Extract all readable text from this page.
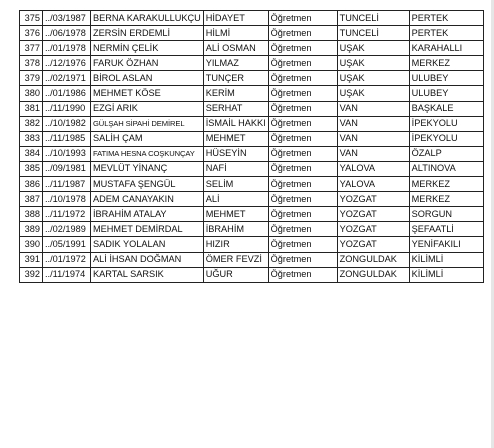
375	../03/1987	BERNA KARAKULLUKÇU	HİDAYET	Öğretmen	TUNCELİ	PERTEK
376	../06/1978	ZERSİN ERDEMLİ	HİLMİ	Öğretmen	TUNCELİ	PERTEK
377	../01/1978	NERMİN ÇELİK	ALİ OSMAN	Öğretmen	UŞAK	KARAHALLI
378	../12/1976	FARUK ÖZHAN	YILMAZ	Öğretmen	UŞAK	MERKEZ
379	../02/1971	BİROL ASLAN	TUNÇER	Öğretmen	UŞAK	ULUBEY
380	../01/1986	MEHMET KÖSE	KERİM	Öğretmen	UŞAK	ULUBEY
381	../11/1990	EZGİ ARIK	SERHAT	Öğretmen	VAN	BAŞKALE
382	../10/1982	GÜLŞAH SİPAHİ DEMİREL	İSMAİL HAKKI	Öğretmen	VAN	İPEKYOLU
383	../11/1985	SALİH ÇAM	MEHMET	Öğretmen	VAN	İPEKYOLU
384	../10/1993	FATIMA HESNA COŞKUNÇAY	HÜSEYİN	Öğretmen	VAN	ÖZALP
385	../09/1981	MEVLÜT YİNANÇ	NAFİ	Öğretmen	YALOVA	ALTINOVA
386	../11/1987	MUSTAFA ŞENGÜL	SELİM	Öğretmen	YALOVA	MERKEZ
387	../10/1978	ADEM CANAYAKIN	ALİ	Öğretmen	YOZGAT	MERKEZ
388	../11/1972	İBRAHİM ATALAY	MEHMET	Öğretmen	YOZGAT	SORGUN
389	../02/1989	MEHMET DEMİRDAL	İBRAHİM	Öğretmen	YOZGAT	ŞEFAATLİ
390	../05/1991	SADIK YOLALAN	HIZIR	Öğretmen	YOZGAT	YENİFAKILI
391	../01/1972	ALİ İHSAN DOĞMAN	ÖMER FEVZİ	Öğretmen	ZONGULDAK	KİLİMLİ
392	../11/1974	KARTAL SARSIK	UĞUR	Öğretmen	ZONGULDAK	KİLİMLİ
